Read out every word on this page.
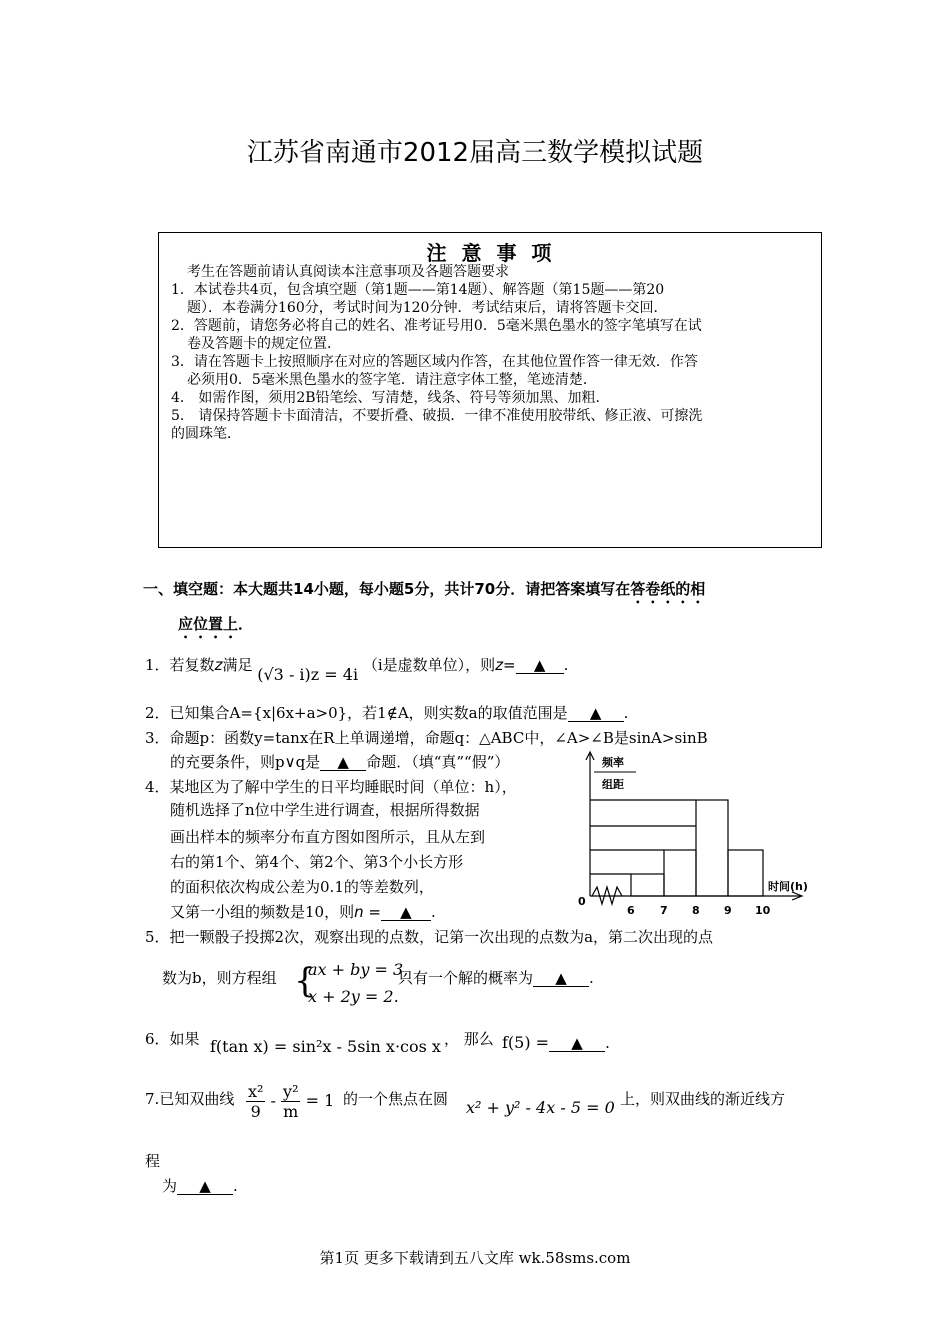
江苏省南通市2012届高三数学模拟试题
注 意 事 项
考生在答题前请认真阅读本注意事项及各题答题要求
1．本试卷共4页，包含填空题（第1题——第14题）、解答题（第15题——第20
题）．本卷满分160分，考试时间为120分钟．考试结束后，请将答题卡交回．
2．答题前，请您务必将自己的姓名、准考证号用0．5毫米黑色墨水的签字笔填写在试
卷及答题卡的规定位置．
3．请在答题卡上按照顺序在对应的答题区域内作答，在其他位置作答一律无效．作答
必须用0．5毫米黑色墨水的签字笔．请注意字体工整，笔迹清楚．
4． 如需作图，须用2B铅笔绘、写清楚，线条、符号等须加黑、加粗．
5． 请保持答题卡卡面清洁，不要折叠、破损．一律不准使用胶带纸、修正液、可擦洗
的圆珠笔．
一、填空题：本大题共14小题，每小题5分，共计70分．请把答案填写在答卷纸的相
应位置上．
1．若复数z满足 (√3 - i)z = 4i （i是虚数单位），则z= ▲ .
2．已知集合A={x|6x+a>0}，若1∉A，则实数a的取值范围是 ▲ .
3．命题p：函数y=tanx在R上单调递增，命题q：△ABC中，∠A>∠B是sinA>sinB
的充要条件，则p∨q是 ▲ 命题．（填“真”“假”）
4．某地区为了解中学生的日平均睡眠时间（单位：h），
随机选择了n位中学生进行调查，根据所得数据
画出样本的频率分布直方图如图所示，且从左到
右的第1个、第4个、第2个、第3个小长方形
的面积依次构成公差为0.1的等差数列，
又第一小组的频数是10，则n = ▲ .
频率
组距
时间(h)
0
6 7 8 9 10
5．把一颗骰子投掷2次，观察出现的点数，记第一次出现的点数为a，第二次出现的点
数为b，则方程组 {
ax + by = 3,
x + 2y = 2.
只有一个解的概率为 ▲ .
6．如果 f(tan x) = sin²x - 5sin x·cos x ， 那么 f(5) = ▲ .
7.已知双曲线 $\frac{\text{x²}}{9} - \frac{\text{y²}}{m} = 1$ 的一个焦点在圆 x² + y² - 4x - 5 = 0 上，则双曲线的渐近线方
程
为 ▲ .
第1页 更多下载请到五八文库 wk.58sms.com
